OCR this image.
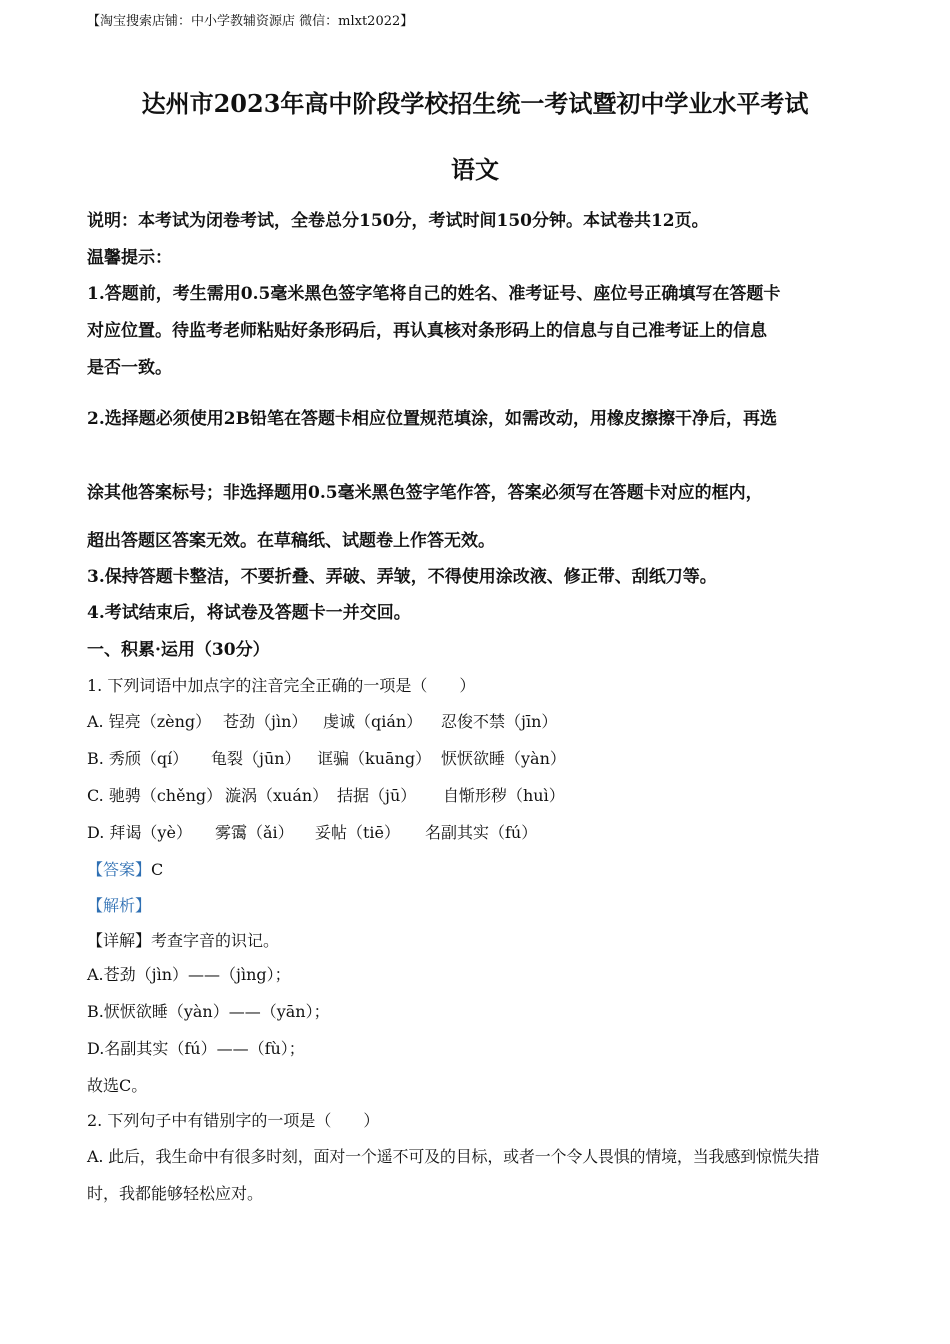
【淘宝搜索店铺：中小学教辅资源店 微信：mlxt2022】
达州市2023年高中阶段学校招生统一考试暨初中学业水平考试
语文
说明：本考试为闭卷考试，全卷总分150分，考试时间150分钟。本试卷共12页。
温馨提示：
1.答题前，考生需用0.5毫米黑色签字笔将自己的姓名、准考证号、座位号正确填写在答题卡
对应位置。待监考老师粘贴好条形码后，再认真核对条形码上的信息与自己准考证上的信息
是否一致。
2.选择题必须使用2B铅笔在答题卡相应位置规范填涂，如需改动，用橡皮擦擦干净后，再选
涂其他答案标号；非选择题用0.5毫米黑色签字笔作答，答案必须写在答题卡对应的框内，
超出答题区答案无效。在草稿纸、试题卷上作答无效。
3.保持答题卡整洁，不要折叠、弄破、弄皱，不得使用涂改液、修正带、刮纸刀等。
4.考试结束后，将试卷及答题卡一并交回。
一、积累·运用（30分）
1. 下列词语中加点字的注音完全正确的一项是（　　）
A. 锃亮（zèng） 苍劲（jìn） 虔诚（qián） 忍俊不禁（jīn）
B. 秀颀（qí） 龟裂（jūn） 诓骗（kuāng） 恹恹欲睡（yàn）
C. 驰骋（chěng） 漩涡（xuán） 拮据（jū） 自惭形秽（huì）
D. 拜谒（yè） 雾霭（ǎi） 妥帖（tiē） 名副其实（fú）
【答案】C
【解析】
【详解】考查字音的识记。
A.苍劲（jìn）——（jìng）；
B.恹恹欲睡（yàn）——（yān）；
D.名副其实（fú）——（fù）；
故选C。
2. 下列句子中有错别字的一项是（　　）
A. 此后，我生命中有很多时刻，面对一个遥不可及的目标，或者一个令人畏惧的情境，当我感到惊慌失措
时，我都能够轻松应对。
